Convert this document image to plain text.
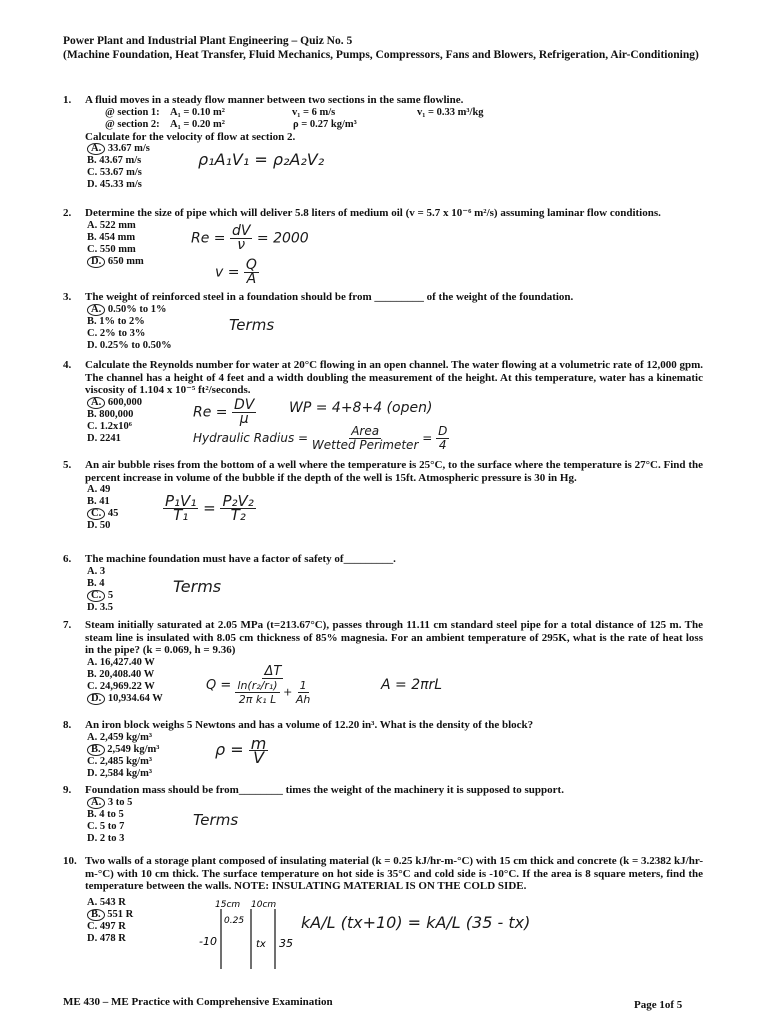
Power Plant and Industrial Plant Engineering – Quiz No. 5
(Machine Foundation, Heat Transfer, Fluid Mechanics, Pumps, Compressors, Fans and Blowers, Refrigeration, Air-Conditioning)
1.	A fluid moves in a steady flow manner between two sections in the same flowline.
@ section 1: A₁ = 0.10 m²	v₁ = 6 m/s	v₁ = 0.33 m³/kg
@ section 2: A₁ = 0.20 m²	ρ = 0.27 kg/m³
Calculate for the velocity of flow at section 2.
A. 33.67 m/s
B. 43.67 m/s
C. 53.67 m/s
D. 45.33 m/s
ρ₁A₁V₁ = ρ₂A₂V₂
2.	Determine the size of pipe which will deliver 5.8 liters of medium oil (v = 5.7 x 10⁻⁶ m²/s) assuming laminar flow conditions.
A. 522 mm
B. 454 mm
C. 550 mm
D. 650 mm
$Re = \frac{dV}{\nu} = 2000$
$v = \frac{Q}{A}$
3.	The weight of reinforced steel in a foundation should be from _________ of the weight of the foundation.
A. 0.50% to 1%
B. 1% to 2%
C. 2% to 3%
D. 0.25% to 0.50%
Terms
4.	Calculate the Reynolds number for water at 20°C flowing in an open channel. The water flowing at a volumetric rate of 12,000 gpm. The channel has a height of 4 feet and a width doubling the measurement of the height. At this temperature, water has a kinematic viscosity of 1.104 x 10⁻⁵ ft²/seconds.
A. 600,000
B. 800,000
C. 1.2x10⁶
D. 2241
$Re = \frac{DV}{\mu}$ WP = 4+8+4 (open)
Hydraulic Radius = $\frac{\text{Area}}{\text{Wetted Perimeter}} = \frac{D}{4}$
5.	An air bubble rises from the bottom of a well where the temperature is 25°C, to the surface where the temperature is 27°C. Find the percent increase in volume of the bubble if the depth of the well is 15ft. Atmospheric pressure is 30 in Hg.
A. 49
B. 41
C. 45
D. 50
$\frac{\text{P₁V₁}}{\text{T₁}} = \frac{\text{P₂V₂}}{\text{T₂}}$
6.	The machine foundation must have a factor of safety of_________.
A. 3
B. 4
C. 5
D. 3.5
Terms
7.	Steam initially saturated at 2.05 MPa (t=213.67°C), passes through 11.11 cm standard steel pipe for a total distance of 125 m. The steam line is insulated with 8.05 cm thickness of 85% magnesia. For an ambient temperature of 295K, what is the rate of heat loss in the pipe? (k = 0.069, h = 9.36)
A. 16,427.40 W
B. 20,408.40 W
C. 24,969.22 W
D. 10,934.64 W
$Q = \frac{\Delta T}{\frac{\text{ln(r₂/r₁)}}{\text{2π k₁ L}} + \frac{1}{Ah}}$	A = 2πrL
8.	An iron block weighs 5 Newtons and has a volume of 12.20 in³. What is the density of the block?
A. 2,459 kg/m³
B. 2,549 kg/m³
C. 2,485 kg/m³
D. 2,584 kg/m³
$\rho = \frac{m}{V}$
9.	Foundation mass should be from________ times the weight of the machinery it is supposed to support.
A. 3 to 5
B. 4 to 5
C. 5 to 7
D. 2 to 3
Terms
10. Two walls of a storage plant composed of insulating material (k = 0.25 kJ/hr-m-°C) with 15 cm thick and concrete (k = 3.2382 kJ/hr-m-°C) with 10 cm thick. The surface temperature on hot side is 35°C and cold side is -10°C. If the area is 8 square meters, find the temperature between the walls. NOTE: INSULATING MATERIAL IS ON THE COLD SIDE.
A. 543 R
B. 551 R
C. 497 R
D. 478 R
15cm 10cm
0.25
-10	tx 35
kA/L (tx+10) = kA/L (35 - tx)
ME 430 – ME Practice with Comprehensive Examination	Page 1of 5
